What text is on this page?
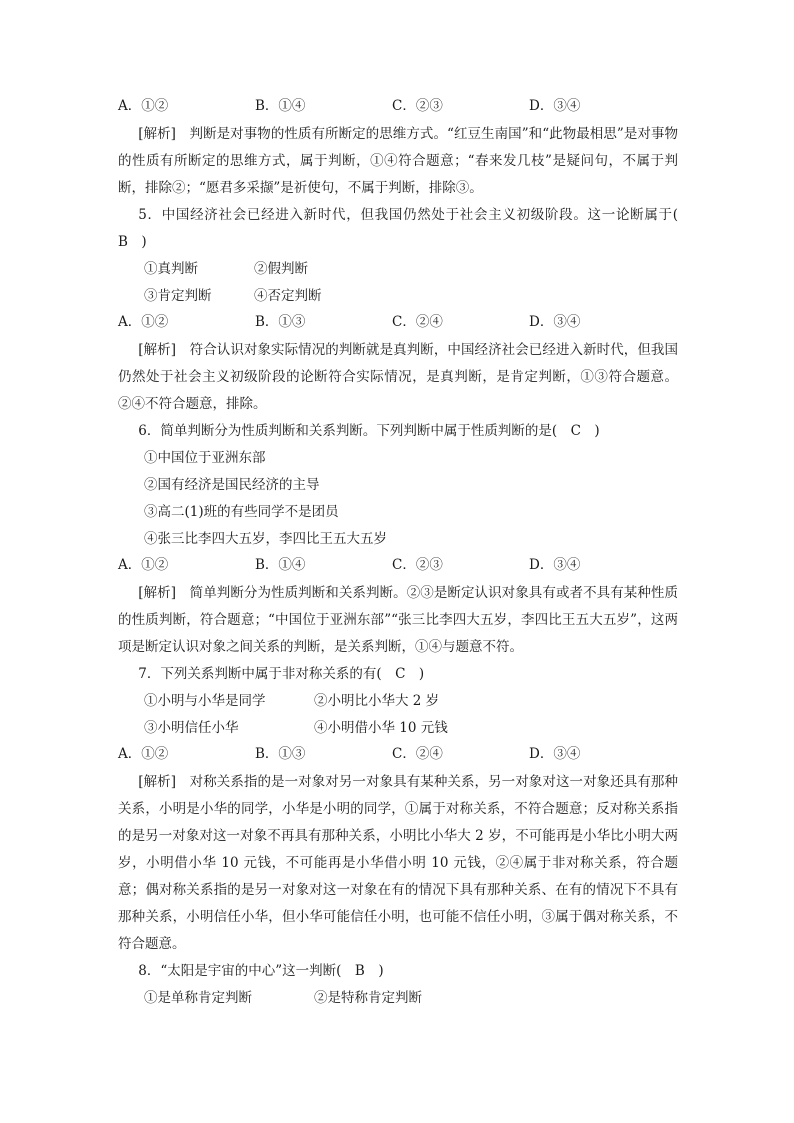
A．①②	B．①④	C．②③	D．③④

[解析]　判断是对事物的性质有所断定的思维方式。“红豆生南国”和“此物最相思”是对事物的性质有所断定的思维方式，属于判断，①④符合题意；“春来发几枝”是疑问句，不属于判断，排除②；“愿君多采撷”是祈使句，不属于判断，排除③。

5．中国经济社会已经进入新时代，但我国仍然处于社会主义初级阶段。这一论断属于(　B　)

①真判断	②假判断

③肯定判断	④否定判断

A．①②	B．①③	C．②④	D．③④

[解析]　符合认识对象实际情况的判断就是真判断，中国经济社会已经进入新时代，但我国仍然处于社会主义初级阶段的论断符合实际情况，是真判断，是肯定判断，①③符合题意。②④不符合题意，排除。

6．简单判断分为性质判断和关系判断。下列判断中属于性质判断的是(　C　)

①中国位于亚洲东部

②国有经济是国民经济的主导

③高二(1)班的有些同学不是团员

④张三比李四大五岁，李四比王五大五岁

A．①②	B．①④	C．②③	D．③④

[解析]　简单判断分为性质判断和关系判断。②③是断定认识对象具有或者不具有某种性质的性质判断，符合题意；“中国位于亚洲东部”“张三比李四大五岁，李四比王五大五岁”，这两项是断定认识对象之间关系的判断，是关系判断，①④与题意不符。

7．下列关系判断中属于非对称关系的有(　C　)

①小明与小华是同学	②小明比小华大 2 岁

③小明信任小华	④小明借小华 10 元钱

A．①②	B．①③	C．②④	D．③④

[解析]　对称关系指的是一对象对另一对象具有某种关系，另一对象对这一对象还具有那种关系，小明是小华的同学，小华是小明的同学，①属于对称关系，不符合题意；反对称关系指的是另一对象对这一对象不再具有那种关系，小明比小华大 2 岁，不可能再是小华比小明大两岁，小明借小华 10 元钱，不可能再是小华借小明 10 元钱，②④属于非对称关系，符合题意；偶对称关系指的是另一对象对这一对象在有的情况下具有那种关系、在有的情况下不具有那种关系，小明信任小华，但小华可能信任小明，也可能不信任小明，③属于偶对称关系，不符合题意。

8．“太阳是宇宙的中心”这一判断(　B　)

①是单称肯定判断	②是特称肯定判断
